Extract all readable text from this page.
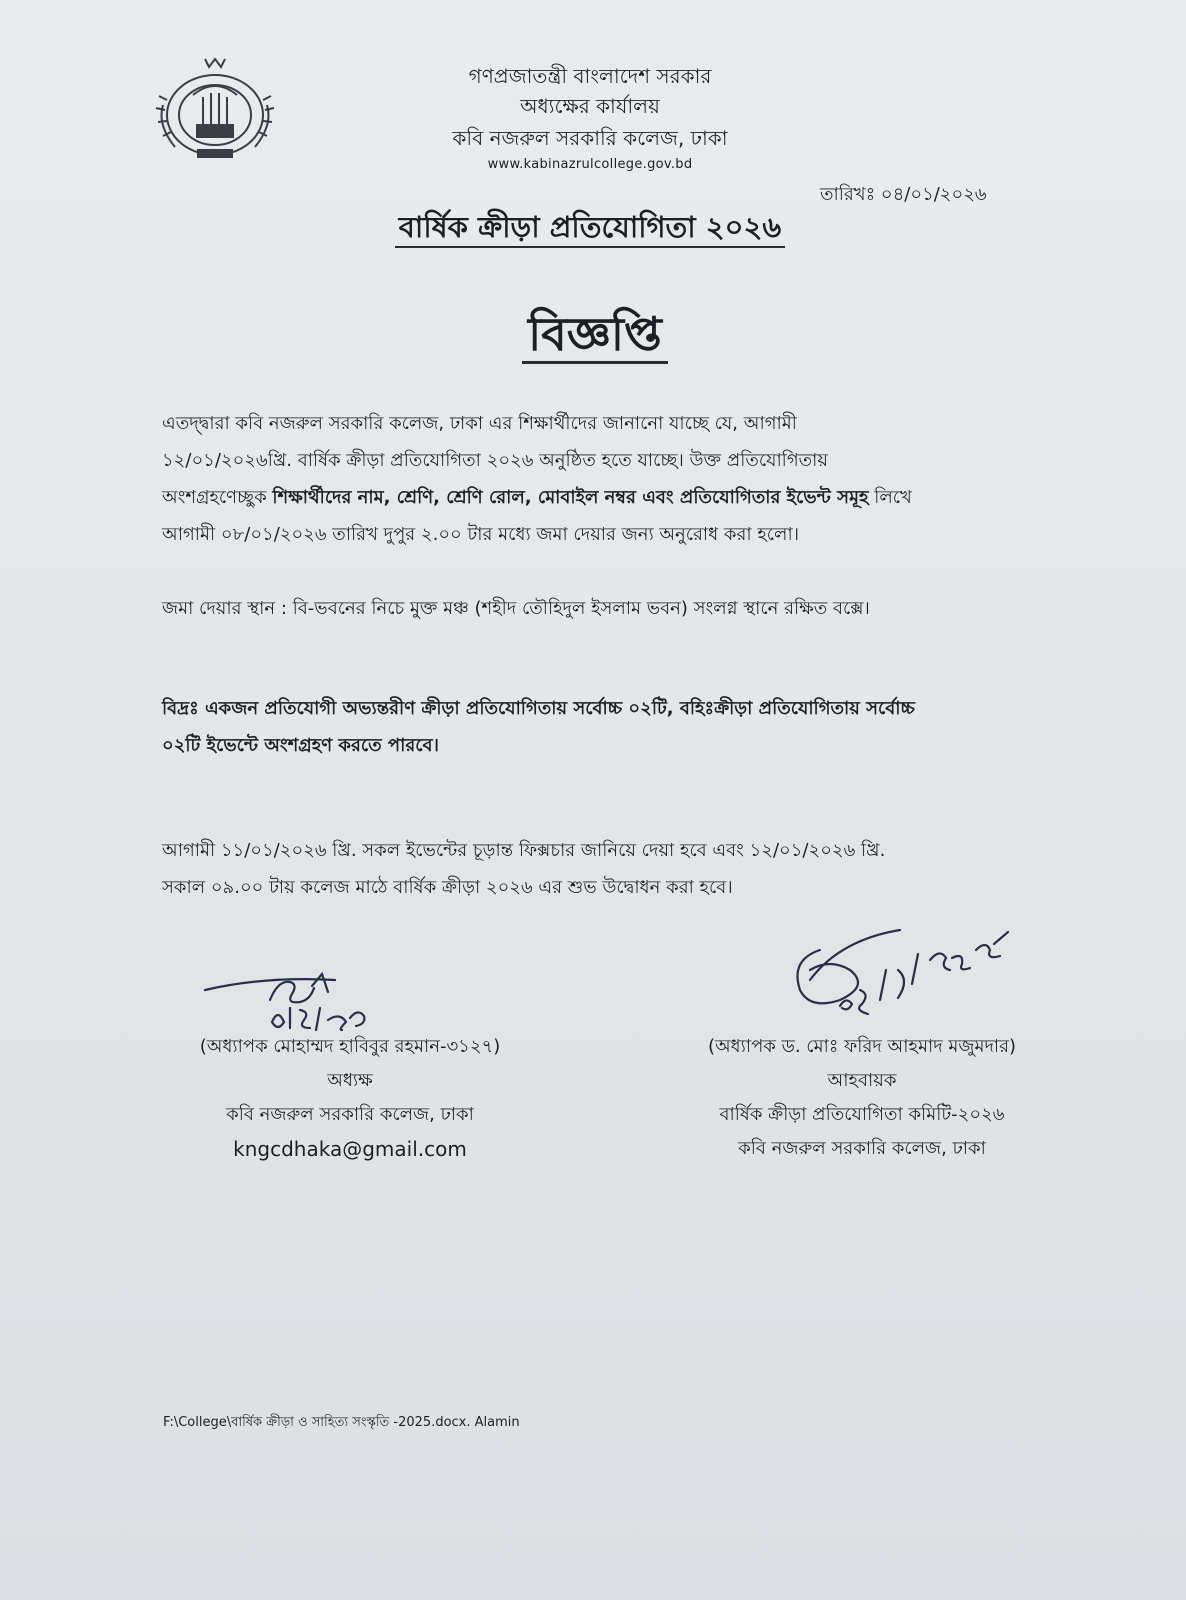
গণপ্রজাতন্ত্রী বাংলাদেশ সরকার
অধ্যক্ষের কার্যালয়
কবি নজরুল সরকারি কলেজ, ঢাকা
www.kabinazrulcollege.gov.bd
তারিখঃ ০৪/০১/২০২৬
বার্ষিক ক্রীড়া প্রতিযোগিতা ২০২৬
বিজ্ঞপ্তি
এতদ্দ্বারা কবি নজরুল সরকারি কলেজ, ঢাকা এর শিক্ষার্থীদের জানানো যাচ্ছে যে, আগামী
১২/০১/২০২৬খ্রি. বার্ষিক ক্রীড়া প্রতিযোগিতা ২০২৬ অনুষ্ঠিত হতে যাচ্ছে। উক্ত প্রতিযোগিতায়
অংশগ্রহণেচ্ছুক শিক্ষার্থীদের নাম, শ্রেণি, শ্রেণি রোল, মোবাইল নম্বর এবং প্রতিযোগিতার ইভেন্ট সমূহ লিখে
আগামী ০৮/০১/২০২৬ তারিখ দুপুর ২.০০ টার মধ্যে জমা দেয়ার জন্য অনুরোধ করা হলো।
জমা দেয়ার স্থান : বি-ভবনের নিচে মুক্ত মঞ্চ (শহীদ তৌহিদুল ইসলাম ভবন) সংলগ্ন স্থানে রক্ষিত বক্সে।
বিদ্রঃ একজন প্রতিযোগী অভ্যন্তরীণ ক্রীড়া প্রতিযোগিতায় সর্বোচ্চ ০২টি, বহিঃক্রীড়া প্রতিযোগিতায় সর্বোচ্চ
০২টি ইভেন্টে অংশগ্রহণ করতে পারবে।
আগামী ১১/০১/২০২৬ খ্রি. সকল ইভেন্টের চূড়ান্ত ফিক্সচার জানিয়ে দেয়া হবে এবং ১২/০১/২০২৬ খ্রি.
সকাল ০৯.০০ টায় কলেজ মাঠে বার্ষিক ক্রীড়া ২০২৬ এর শুভ উদ্বোধন করা হবে।
(অধ্যাপক মোহাম্মদ হাবিবুর রহমান-৩১২৭)
অধ্যক্ষ
কবি নজরুল সরকারি কলেজ, ঢাকা
kngcdhaka@gmail.com
(অধ্যাপক ড. মোঃ ফরিদ আহমাদ মজুমদার)
আহবায়ক
বার্ষিক ক্রীড়া প্রতিযোগিতা কমিটি-২০২৬
কবি নজরুল সরকারি কলেজ, ঢাকা
F:\College\বার্ষিক ক্রীড়া ও সাহিত্য সংস্কৃতি -2025.docx. Alamin
